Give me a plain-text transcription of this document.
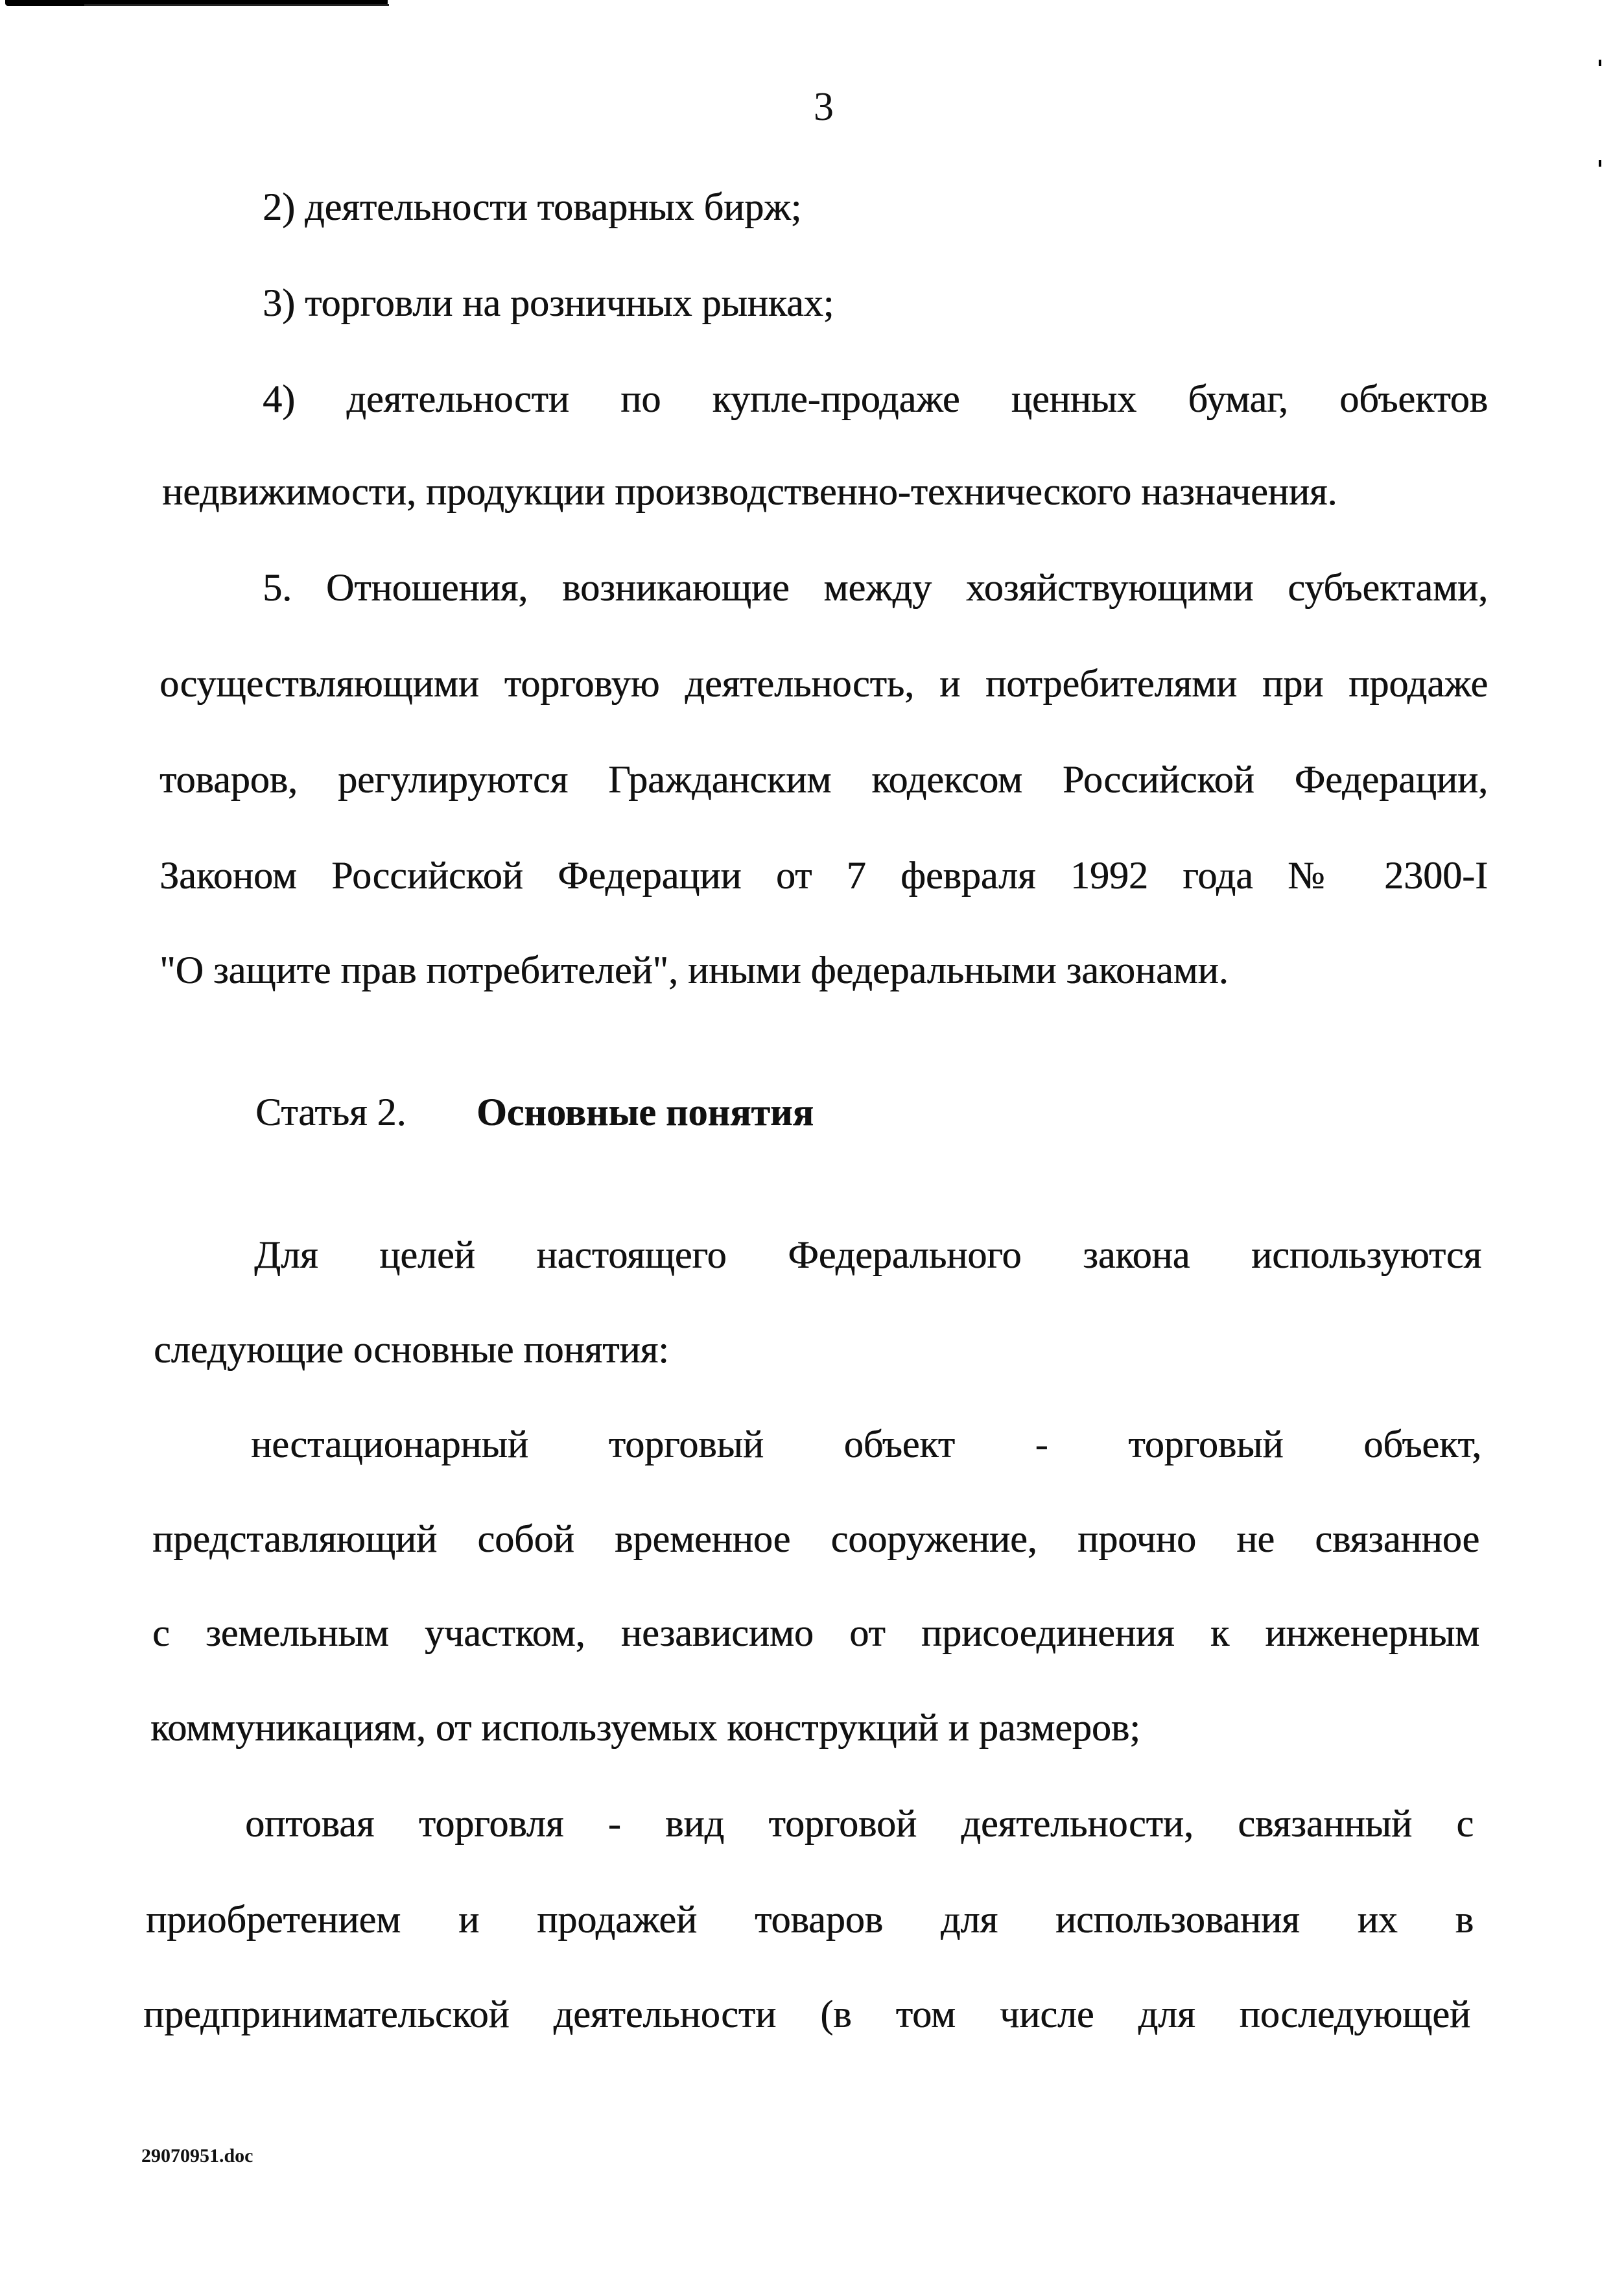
3
2) деятельности товарных бирж;
3) торговли на розничных рынках;
4) деятельности по купле-продаже ценных бумаг, объектов
недвижимости, продукции производственно-технического назначения.
5. Отношения, возникающие между хозяйствующими субъектами,
осуществляющими торговую деятельность, и потребителями при продаже
товаров, регулируются Гражданским кодексом Российской Федерации,
Законом Российской Федерации от 7 февраля 1992 года № 2300-I
"О защите прав потребителей", иными федеральными законами.
Статья 2. Основные понятия
Для целей настоящего Федерального закона используются
следующие основные понятия:
нестационарный торговый объект - торговый объект,
представляющий собой временное сооружение, прочно не связанное
с земельным участком, независимо от присоединения к инженерным
коммуникациям, от используемых конструкций и размеров;
оптовая торговля - вид торговой деятельности, связанный с
приобретением и продажей товаров для использования их в
предпринимательской деятельности (в том числе для последующей
29070951.doc
